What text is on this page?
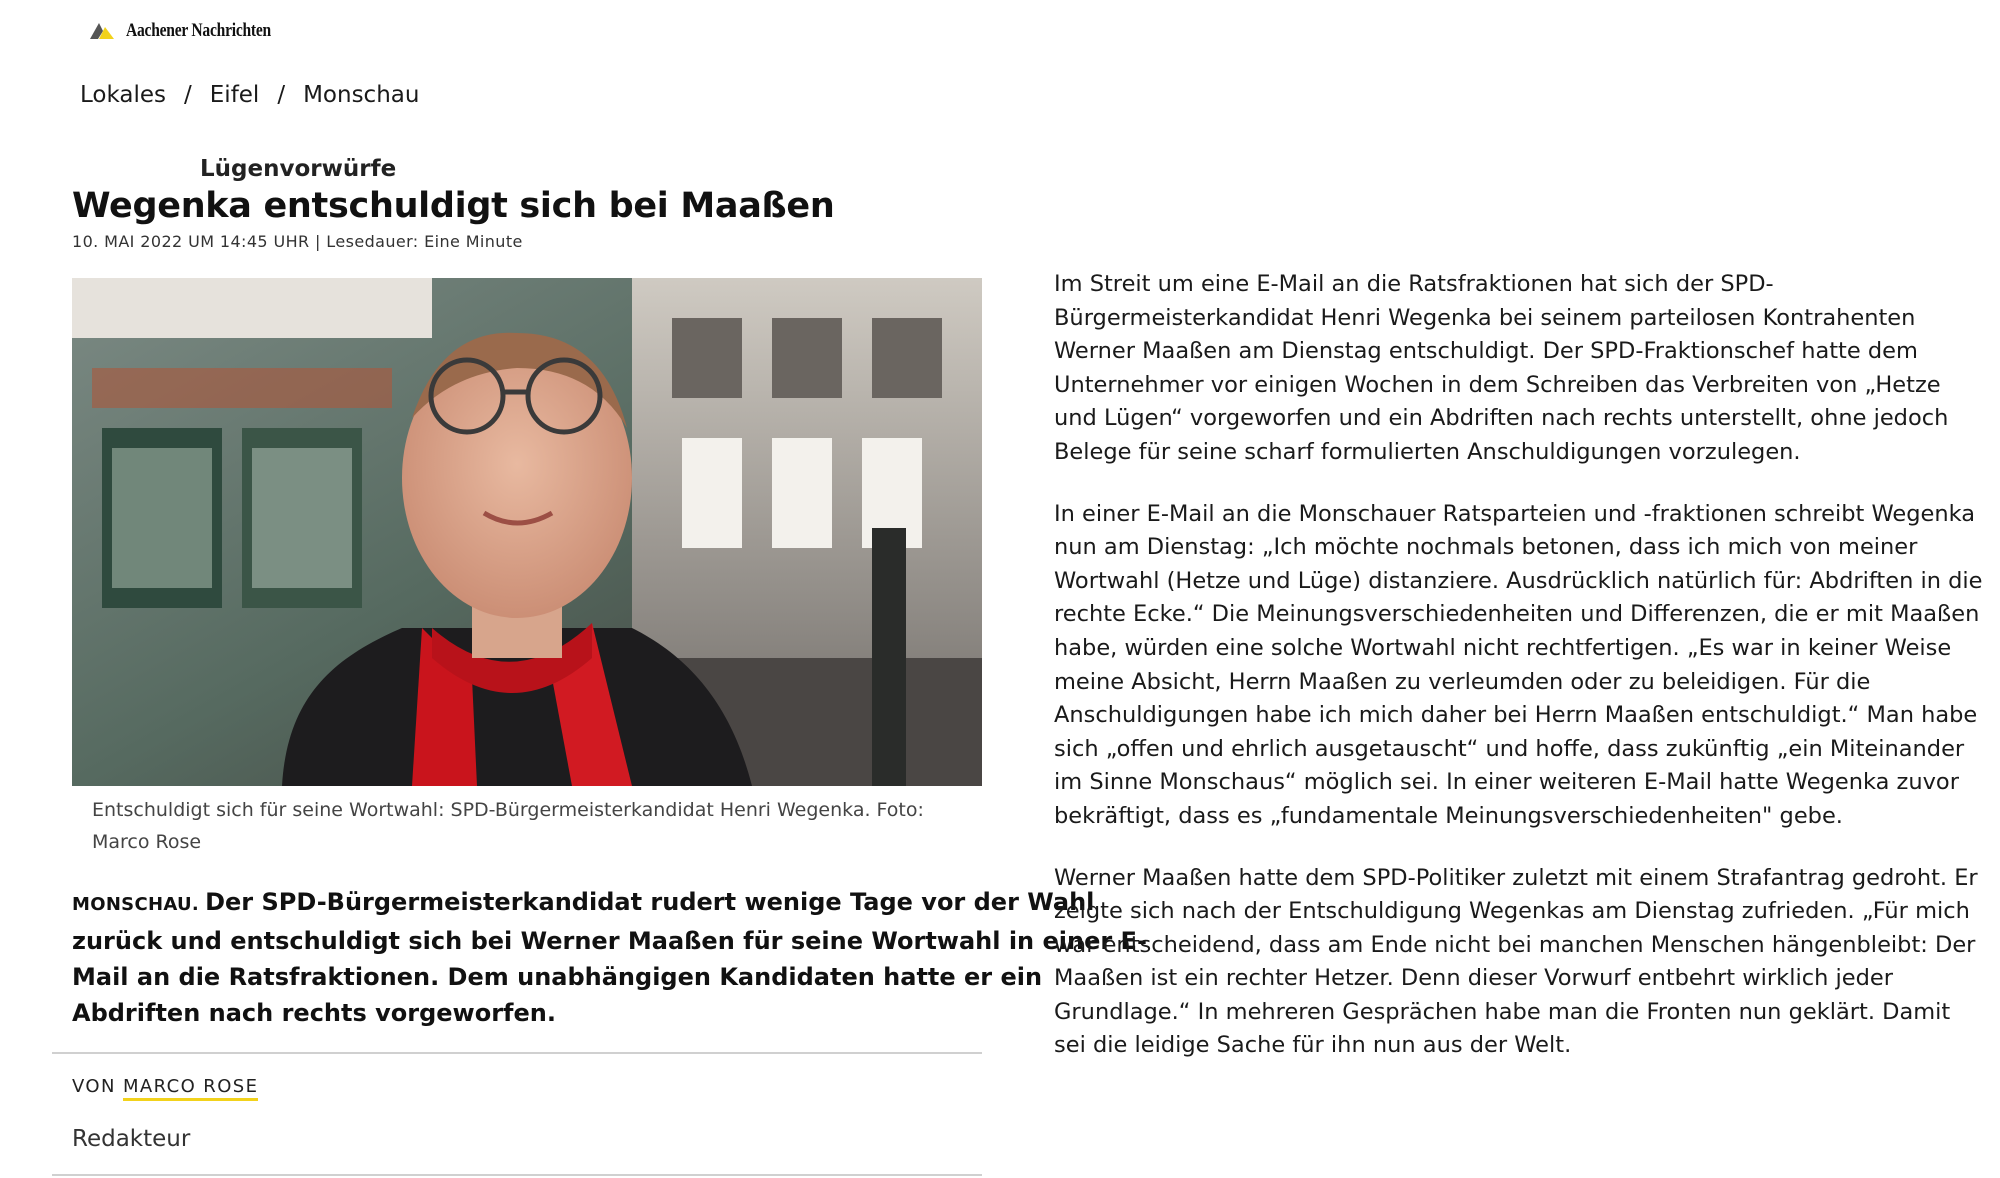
Aachener Nachrichten
Lokales / Eifel / Monschau
Lügenvorwürfe
Wegenka entschuldigt sich bei Maaßen
10. MAI 2022 UM 14:45 UHR | Lesedauer: Eine Minute
Entschuldigt sich für seine Wortwahl: SPD-Bürgermeisterkandidat Henri Wegenka. Foto: Marco Rose
MONSCHAU. Der SPD-Bürgermeisterkandidat rudert wenige Tage vor der Wahl
zurück und entschuldigt sich bei Werner Maaßen für seine Wortwahl in einer E-
Mail an die Ratsfraktionen. Dem unabhängigen Kandidaten hatte er ein
Abdriften nach rechts vorgeworfen.
VON MARCO ROSE
Redakteur

Im Streit um eine E-Mail an die Ratsfraktionen hat sich der SPD-Bürgermeisterkandidat Henri Wegenka bei seinem parteilosen Kontrahenten Werner Maaßen am Dienstag entschuldigt. Der SPD-Fraktionschef hatte dem Unternehmer vor einigen Wochen in dem Schreiben das Verbreiten von „Hetze und Lügen“ vorgeworfen und ein Abdriften nach rechts unterstellt, ohne jedoch Belege für seine scharf formulierten Anschuldigungen vorzulegen.

In einer E-Mail an die Monschauer Ratsparteien und -fraktionen schreibt Wegenka nun am Dienstag: „Ich möchte nochmals betonen, dass ich mich von meiner Wortwahl (Hetze und Lüge) distanziere. Ausdrücklich natürlich für: Abdriften in die rechte Ecke.“ Die Meinungsverschiedenheiten und Differenzen, die er mit Maaßen habe, würden eine solche Wortwahl nicht rechtfertigen. „Es war in keiner Weise meine Absicht, Herrn Maaßen zu verleumden oder zu beleidigen. Für die Anschuldigungen habe ich mich daher bei Herrn Maaßen entschuldigt.“ Man habe sich „offen und ehrlich ausgetauscht“ und hoffe, dass zukünftig „ein Miteinander im Sinne Monschaus“ möglich sei. In einer weiteren E-Mail hatte Wegenka zuvor bekräftigt, dass es „fundamentale Meinungsverschiedenheiten" gebe.

Werner Maaßen hatte dem SPD-Politiker zuletzt mit einem Strafantrag gedroht. Er zeigte sich nach der Entschuldigung Wegenkas am Dienstag zufrieden. „Für mich war entscheidend, dass am Ende nicht bei manchen Menschen hängenbleibt: Der Maaßen ist ein rechter Hetzer. Denn dieser Vorwurf entbehrt wirklich jeder Grundlage.“ In mehreren Gesprächen habe man die Fronten nun geklärt. Damit sei die leidige Sache für ihn nun aus der Welt.
